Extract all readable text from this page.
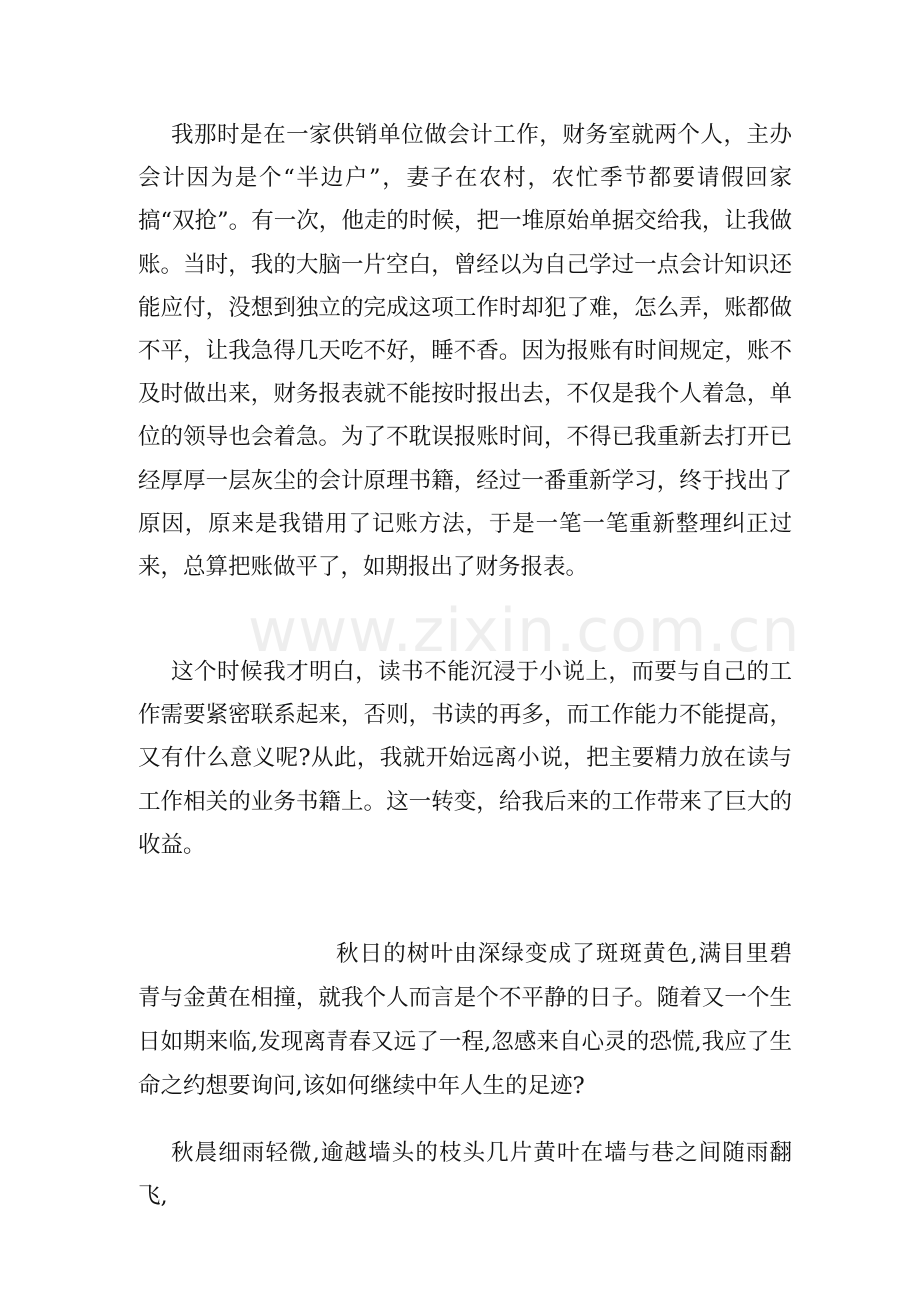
我那时是在一家供销单位做会计工作，财务室就两个人，主办会计因为是个“半边户”，妻子在农村，农忙季节都要请假回家搞“双抢”。有一次，他走的时候，把一堆原始单据交给我，让我做账。当时，我的大脑一片空白，曾经以为自己学过一点会计知识还能应付，没想到独立的完成这项工作时却犯了难，怎么弄，账都做不平，让我急得几天吃不好，睡不香。因为报账有时间规定，账不及时做出来，财务报表就不能按时报出去，不仅是我个人着急，单位的领导也会着急。为了不耽误报账时间，不得已我重新去打开已经厚厚一层灰尘的会计原理书籍，经过一番重新学习，终于找出了原因，原来是我错用了记账方法，于是一笔一笔重新整理纠正过来，总算把账做平了，如期报出了财务报表。

这个时候我才明白，读书不能沉浸于小说上，而要与自己的工作需要紧密联系起来，否则，书读的再多，而工作能力不能提高，又有什么意义呢?从此，我就开始远离小说，把主要精力放在读与工作相关的业务书籍上。这一转变，给我后来的工作带来了巨大的收益。

秋日的树叶由深绿变成了斑斑黄色,满目里碧青与金黄在相撞，就我个人而言是个不平静的日子。随着又一个生日如期来临,发现离青春又远了一程,忽感来自心灵的恐慌,我应了生命之约想要询问,该如何继续中年人生的足迹?

秋晨细雨轻微,逾越墙头的枝头几片黄叶在墙与巷之间随雨翻飞,

www.zixin.com.cn
